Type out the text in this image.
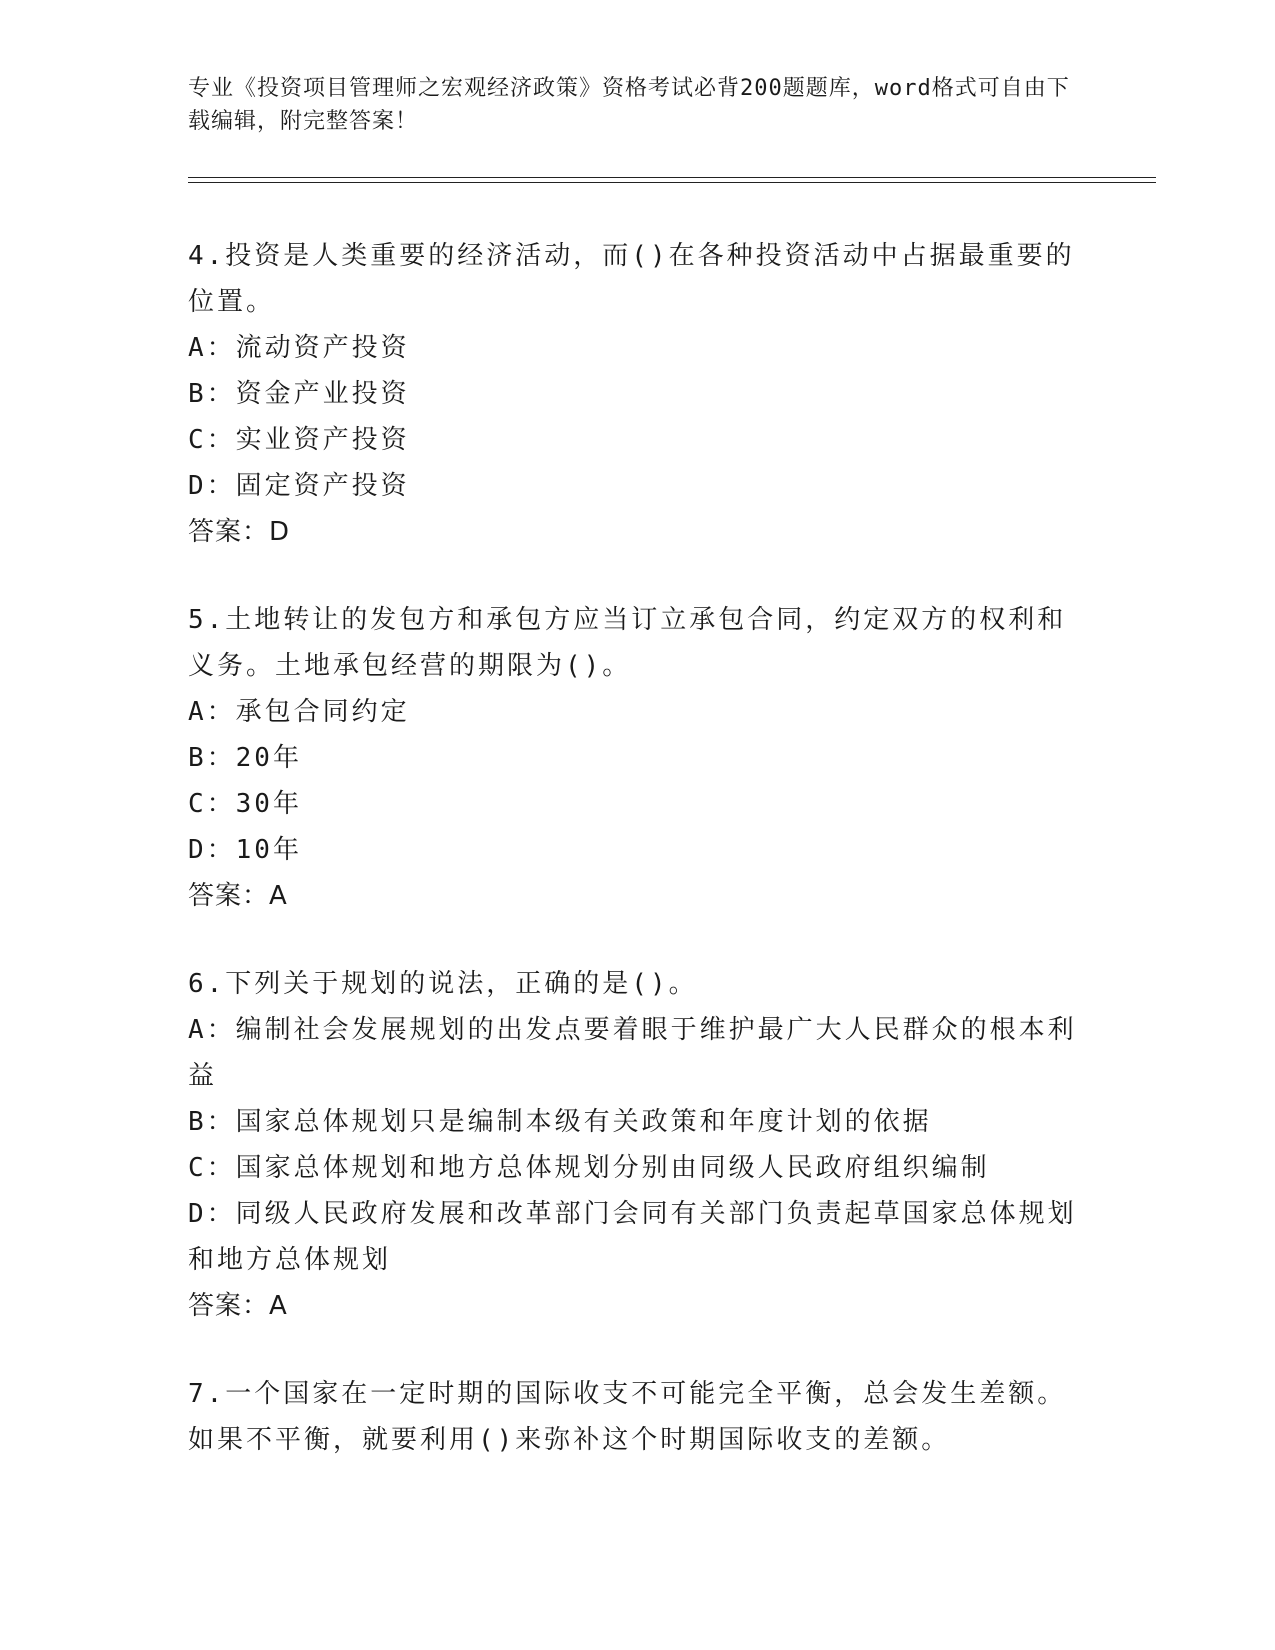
专业《投资项目管理师之宏观经济政策》资格考试必背200题题库，word格式可自由下载编辑，附完整答案！
4.投资是人类重要的经济活动，而()在各种投资活动中占据最重要的位置。
A：流动资产投资
B：资金产业投资
C：实业资产投资
D：固定资产投资
答案：D
5.土地转让的发包方和承包方应当订立承包合同，约定双方的权利和义务。土地承包经营的期限为()。
A：承包合同约定
B：20年
C：30年
D：10年
答案：A
6.下列关于规划的说法，正确的是()。
A：编制社会发展规划的出发点要着眼于维护最广大人民群众的根本利益
B：国家总体规划只是编制本级有关政策和年度计划的依据
C：国家总体规划和地方总体规划分别由同级人民政府组织编制
D：同级人民政府发展和改革部门会同有关部门负责起草国家总体规划和地方总体规划
答案：A
7.一个国家在一定时期的国际收支不可能完全平衡，总会发生差额。如果不平衡，就要利用()来弥补这个时期国际收支的差额。
